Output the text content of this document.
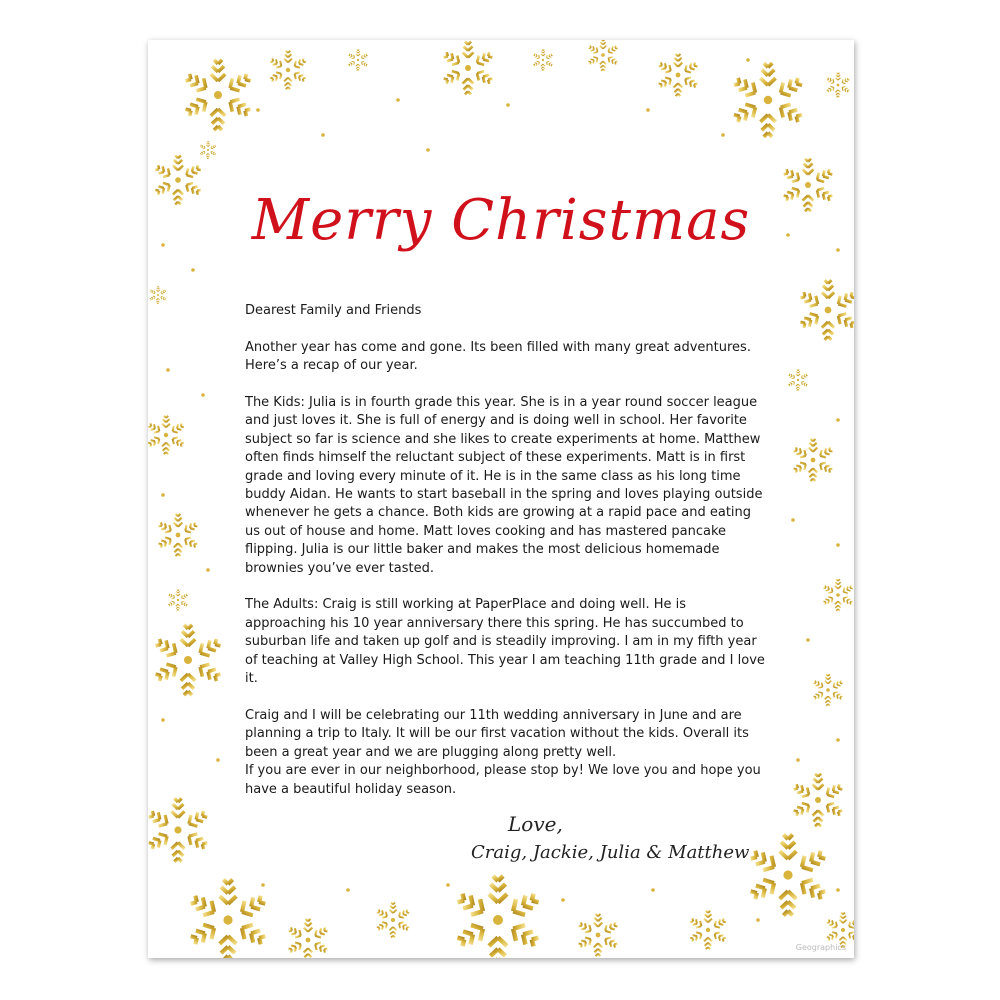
Merry Christmas

Dearest Family and Friends

Another year has come and gone. Its been filled with many great adventures. Here’s a recap of our year.

The Kids: Julia is in fourth grade this year. She is in a year round soccer league and just loves it. She is full of energy and is doing well in school. Her favorite subject so far is science and she likes to create experiments at home. Matthew often finds himself the reluctant subject of these experiments. Matt is in first grade and loving every minute of it. He is in the same class as his long time buddy Aidan. He wants to start baseball in the spring and loves playing outside whenever he gets a chance. Both kids are growing at a rapid pace and eating us out of house and home. Matt loves cooking and has mastered pancake flipping. Julia is our little baker and makes the most delicious homemade brownies you’ve ever tasted.

The Adults: Craig is still working at PaperPlace and doing well. He is approaching his 10 year anniversary there this spring. He has succumbed to suburban life and taken up golf and is steadily improving. I am in my fifth year of teaching at Valley High School. This year I am teaching 11th grade and I love it.

Craig and I will be celebrating our 11th wedding anniversary in June and are planning a trip to Italy. It will be our first vacation without the kids. Overall its been a great year and we are plugging along pretty well.

If you are ever in our neighborhood, please stop by! We love you and hope you have a beautiful holiday season.

Love,
Craig, Jackie, Julia & Matthew
Geographics
